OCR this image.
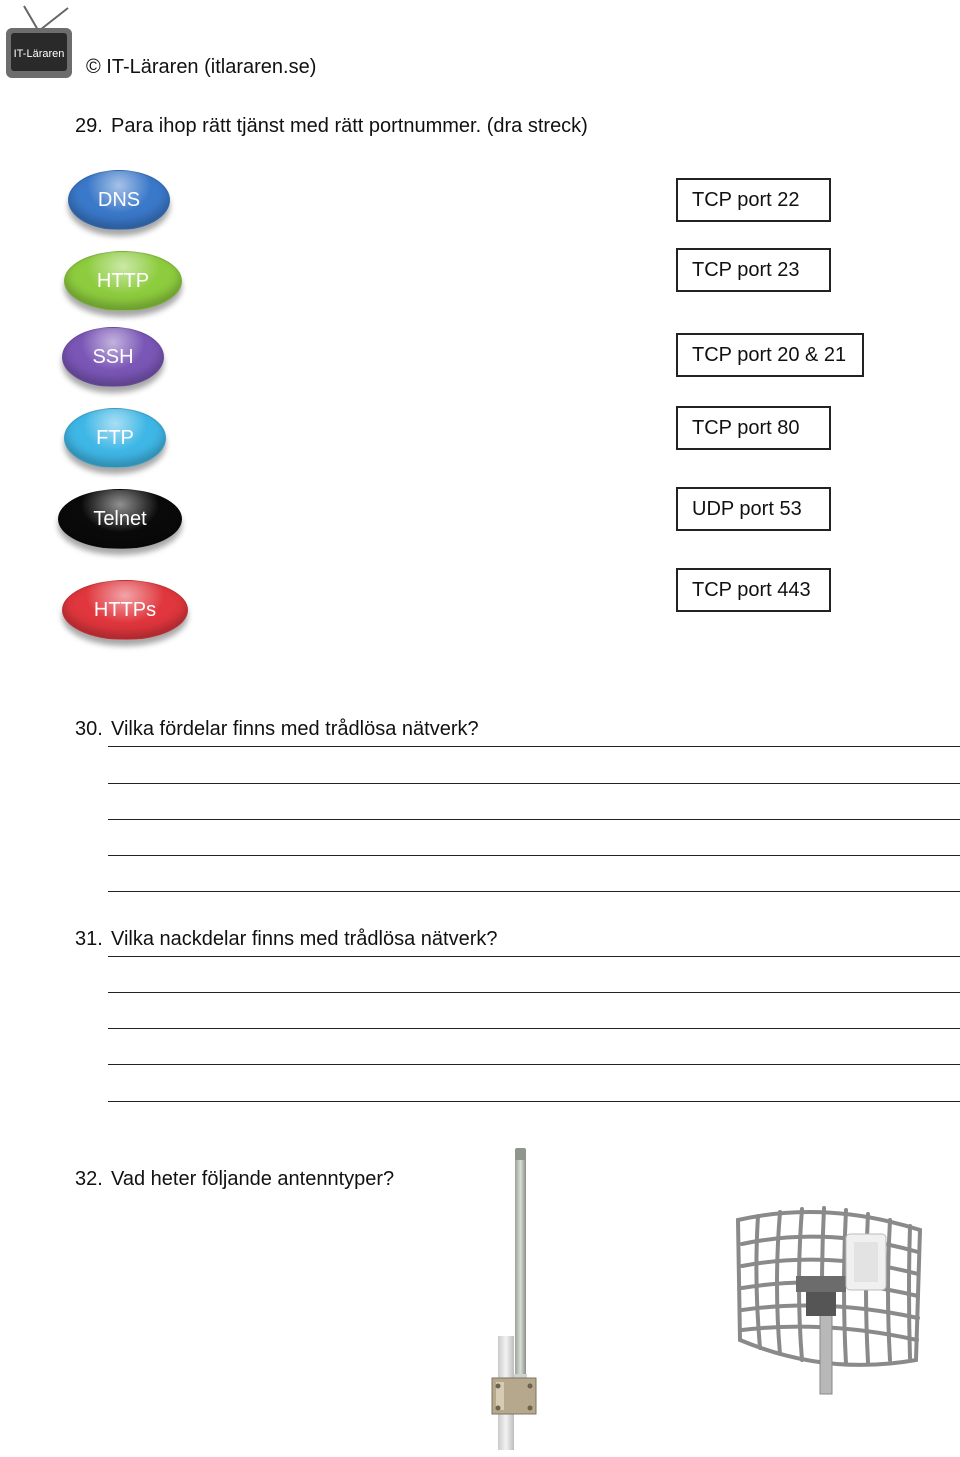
IT-Läraren
© IT-Läraren (itlararen.se)
29. Para ihop rätt tjänst med rätt portnummer. (dra streck)
DNS
HTTP
SSH
FTP
Telnet
HTTPs
TCP port 22
TCP port 23
TCP port 20 & 21
TCP port 80
UDP port 53
TCP port 443
30. Vilka fördelar finns med trådlösa nätverk?
31. Vilka nackdelar finns med trådlösa nätverk?
32. Vad heter följande antenntyper?
